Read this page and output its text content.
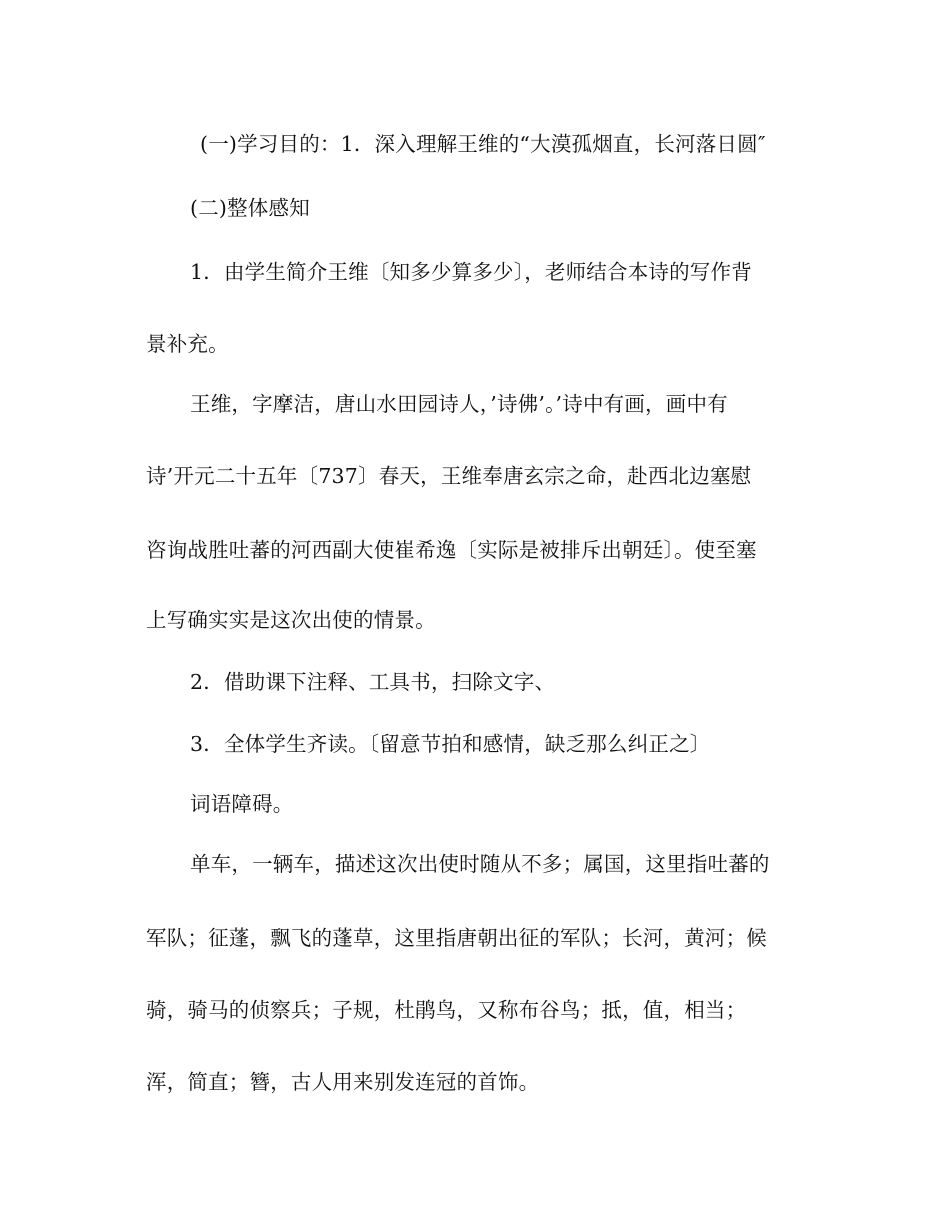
(一)学习目的：1．深入理解王维的“大漠孤烟直，长河落日圆″
(二)整体感知
1．由学生简介王维〔知多少算多少〕，老师结合本诗的写作背
景补充。
王维，字摩洁，唐山水田园诗人，’诗佛’。’诗中有画，画中有
诗’开元二十五年〔737〕春天，王维奉唐玄宗之命，赴西北边塞慰
咨询战胜吐蕃的河西副大使崔希逸〔实际是被排斥出朝廷〕。使至塞
上写确实实是这次出使的情景。
2．借助课下注释、工具书，扫除文字、
3．全体学生齐读。〔留意节拍和感情，缺乏那么纠正之〕
词语障碍。
单车，一辆车，描述这次出使时随从不多；属国，这里指吐蕃的
军队；征蓬，飘飞的蓬草，这里指唐朝出征的军队；长河，黄河；候
骑，骑马的侦察兵；子规，杜鹃鸟，又称布谷鸟；抵，值，相当；
浑，简直；簪，古人用来别发连冠的首饰。
